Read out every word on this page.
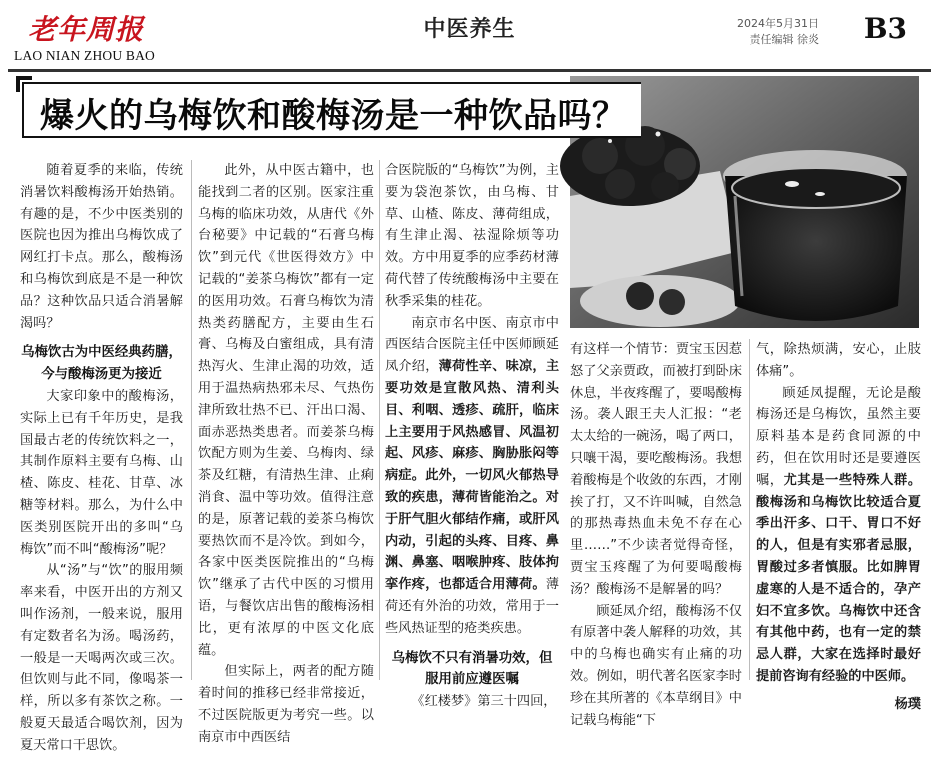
老年周报
LAO NIAN ZHOU BAO
中医养生	2024年5月31日
责任编辑 徐炎 B3
爆火的乌梅饮和酸梅汤是一种饮品吗？

随着夏季的来临，传统消暑饮料酸梅汤开始热销。有趣的是，不少中医类别的医院也因为推出乌梅饮成了网红打卡点。那么，酸梅汤和乌梅饮到底是不是一种饮品？这种饮品只适合消暑解渴吗？

乌梅饮古为中医经典药膳，今与酸梅汤更为接近

大家印象中的酸梅汤，实际上已有千年历史，是我国最古老的传统饮料之一，其制作原料主要有乌梅、山楂、陈皮、桂花、甘草、冰糖等材料。那么，为什么中医类别医院开出的多叫“乌梅饮”而不叫“酸梅汤”呢？

从“汤”与“饮”的服用频率来看，中医开出的方剂又叫作汤剂，一般来说，服用有定数者名为汤。喝汤药，一般是一天喝两次或三次。但饮则与此不同，像喝茶一样，所以多有茶饮之称。一般夏天最适合喝饮剂，因为夏天常口干思饮。

此外，从中医古籍中，也能找到二者的区别。医家注重乌梅的临床功效，从唐代《外台秘要》中记载的“石膏乌梅饮”到元代《世医得效方》中记载的“姜茶乌梅饮”都有一定的医用功效。石膏乌梅饮为清热类药膳配方，主要由生石膏、乌梅及白蜜组成，具有清热泻火、生津止渴的功效，适用于温热病热邪未尽、气热伤津所致壮热不已、汗出口渴、面赤恶热类患者。而姜茶乌梅饮配方则为生姜、乌梅肉、绿茶及红糖，有清热生津、止痢消食、温中等功效。值得注意的是，原著记载的姜茶乌梅饮要热饮而不是冷饮。到如今，各家中医类医院推出的“乌梅饮”继承了古代中医的习惯用语，与餐饮店出售的酸梅汤相比，更有浓厚的中医文化底蕴。

但实际上，两者的配方随着时间的推移已经非常接近，不过医院版更为考究一些。以南京市中西医结

合医院版的“乌梅饮”为例，主要为袋泡茶饮，由乌梅、甘草、山楂、陈皮、薄荷组成，有生津止渴、祛湿除烦等功效。方中用夏季的应季药材薄荷代替了传统酸梅汤中主要在秋季采集的桂花。

南京市名中医、南京市中西医结合医院主任中医师顾延凤介绍，薄荷性辛、味凉，主要功效是宣散风热、清利头目、利咽、透疹、疏肝，临床上主要用于风热感冒、风温初起、风疹、麻疹、胸胁胀闷等病症。此外，一切风火郁热导致的疾患，薄荷皆能治之。对于肝气胆火郁结作痛，或肝风内动，引起的头疼、目疼、鼻渊、鼻塞、咽喉肿疼、肢体拘挛作疼，也都适合用薄荷。薄荷还有外治的功效，常用于一些风热证型的疮类疾患。

乌梅饮不只有消暑功效，但服用前应遵医嘱

《红楼梦》第三十四回，

有这样一个情节：贾宝玉因惹怒了父亲贾政，而被打到卧床休息，半夜疼醒了，要喝酸梅汤。袭人跟王夫人汇报：“老太太给的一碗汤，喝了两口，只嚷干渴，要吃酸梅汤。我想着酸梅是个收敛的东西，才刚挨了打，又不许叫喊，自然急的那热毒热血未免不存在心里……”不少读者觉得奇怪，贾宝玉疼醒了为何要喝酸梅汤？酸梅汤不是解暑的吗？

顾延凤介绍，酸梅汤不仅有原著中袭人解释的功效，其中的乌梅也确实有止痛的功效。例如，明代著名医家李时珍在其所著的《本草纲目》中记载乌梅能“下

气，除热烦满，安心，止肢体痛”。

顾延凤提醒，无论是酸梅汤还是乌梅饮，虽然主要原料基本是药食同源的中药，但在饮用时还是要遵医嘱，尤其是一些特殊人群。酸梅汤和乌梅饮比较适合夏季出汗多、口干、胃口不好的人，但是有实邪者忌服，胃酸过多者慎服。比如脾胃虚寒的人是不适合的，孕产妇不宜多饮。乌梅饮中还含有其他中药，也有一定的禁忌人群，大家在选择时最好提前咨询有经验的中医师。

杨璞
